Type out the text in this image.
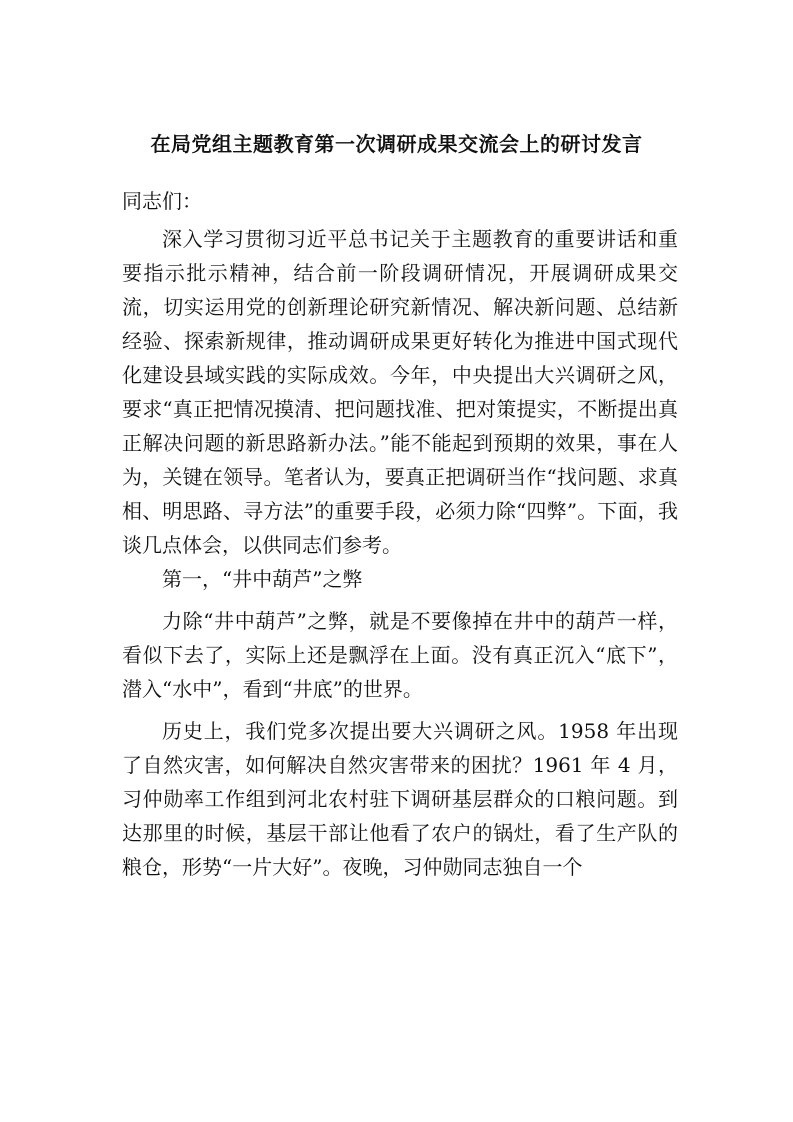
在局党组主题教育第一次调研成果交流会上的研讨发言

同志们：

深入学习贯彻习近平总书记关于主题教育的重要讲话和重要指示批示精神，结合前一阶段调研情况，开展调研成果交流，切实运用党的创新理论研究新情况、解决新问题、总结新经验、探索新规律，推动调研成果更好转化为推进中国式现代化建设县域实践的实际成效。今年，中央提出大兴调研之风，要求“真正把情况摸清、把问题找准、把对策提实，不断提出真正解决问题的新思路新办法。”能不能起到预期的效果，事在人为，关键在领导。笔者认为，要真正把调研当作“找问题、求真相、明思路、寻方法”的重要手段，必须力除“四弊”。下面，我谈几点体会，以供同志们参考。

第一，“井中葫芦”之弊

力除“井中葫芦”之弊，就是不要像掉在井中的葫芦一样，看似下去了，实际上还是飘浮在上面。没有真正沉入“底下”，潜入“水中”，看到“井底”的世界。

历史上，我们党多次提出要大兴调研之风。1958 年出现了自然灾害，如何解决自然灾害带来的困扰？1961 年 4 月，习仲勋率工作组到河北农村驻下调研基层群众的口粮问题。到达那里的时候，基层干部让他看了农户的锅灶，看了生产队的粮仓，形势“一片大好”。夜晚，习仲勋同志独自一个
